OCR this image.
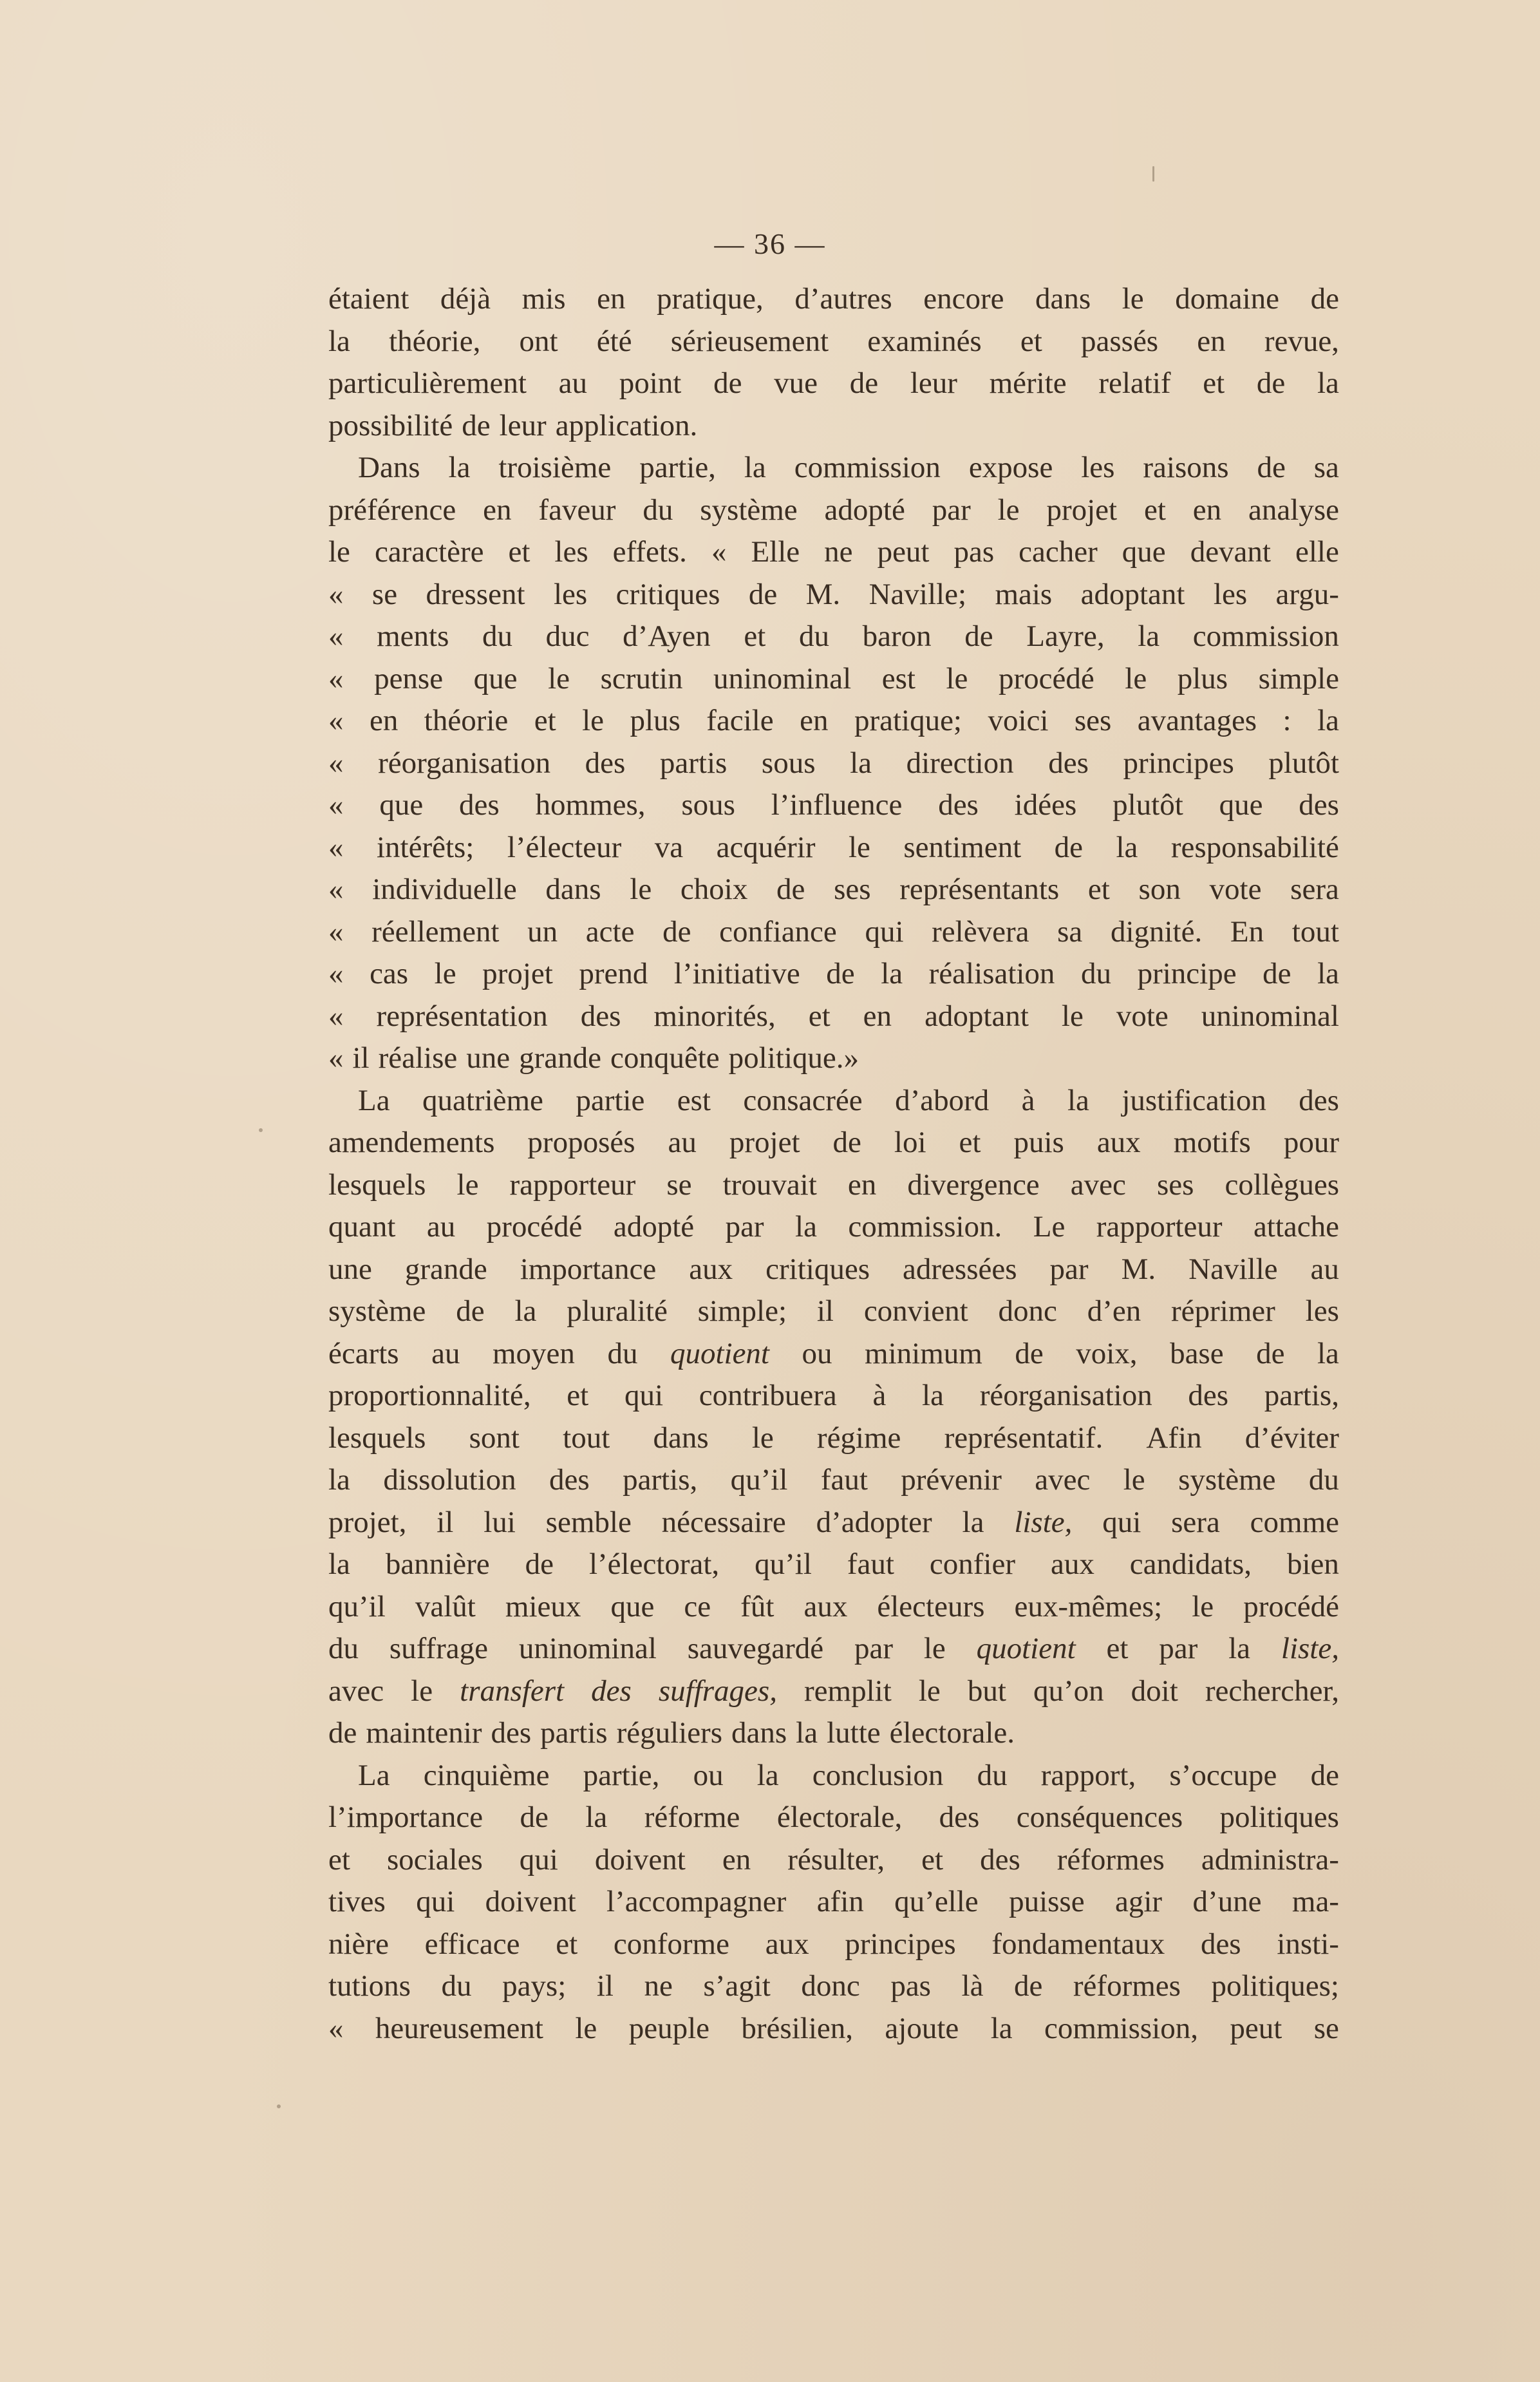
— 36 —
étaient déjà mis en pratique, d’autres encore dans le domaine de
la théorie, ont été sérieusement examinés et passés en revue,
particulièrement au point de vue de leur mérite relatif et de la
possibilité de leur application.
Dans la troisième partie, la commission expose les raisons de sa
préférence en faveur du système adopté par le projet et en analyse
le caractère et les effets. « Elle ne peut pas cacher que devant elle
« se dressent les critiques de M. Naville; mais adoptant les argu-
« ments du duc d’Ayen et du baron de Layre, la commission
« pense que le scrutin uninominal est le procédé le plus simple
« en théorie et le plus facile en pratique; voici ses avantages : la
« réorganisation des partis sous la direction des principes plutôt
« que des hommes, sous l’influence des idées plutôt que des
« intérêts; l’électeur va acquérir le sentiment de la responsabilité
« individuelle dans le choix de ses représentants et son vote sera
« réellement un acte de confiance qui relèvera sa dignité. En tout
« cas le projet prend l’initiative de la réalisation du principe de la
« représentation des minorités, et en adoptant le vote uninominal
« il réalise une grande conquête politique.»
La quatrième partie est consacrée d’abord à la justification des
amendements proposés au projet de loi et puis aux motifs pour
lesquels le rapporteur se trouvait en divergence avec ses collègues
quant au procédé adopté par la commission. Le rapporteur attache
une grande importance aux critiques adressées par M. Naville au
système de la pluralité simple; il convient donc d’en réprimer les
écarts au moyen du quotient ou minimum de voix, base de la
proportionnalité, et qui contribuera à la réorganisation des partis,
lesquels sont tout dans le régime représentatif. Afin d’éviter
la dissolution des partis, qu’il faut prévenir avec le système du
projet, il lui semble nécessaire d’adopter la liste, qui sera comme
la bannière de l’électorat, qu’il faut confier aux candidats, bien
qu’il valût mieux que ce fût aux électeurs eux-mêmes; le procédé
du suffrage uninominal sauvegardé par le quotient et par la liste,
avec le transfert des suffrages, remplit le but qu’on doit rechercher,
de maintenir des partis réguliers dans la lutte électorale.
La cinquième partie, ou la conclusion du rapport, s’occupe de
l’importance de la réforme électorale, des conséquences politiques
et sociales qui doivent en résulter, et des réformes administra-
tives qui doivent l’accompagner afin qu’elle puisse agir d’une ma-
nière efficace et conforme aux principes fondamentaux des insti-
tutions du pays; il ne s’agit donc pas là de réformes politiques;
« heureusement le peuple brésilien, ajoute la commission, peut se
